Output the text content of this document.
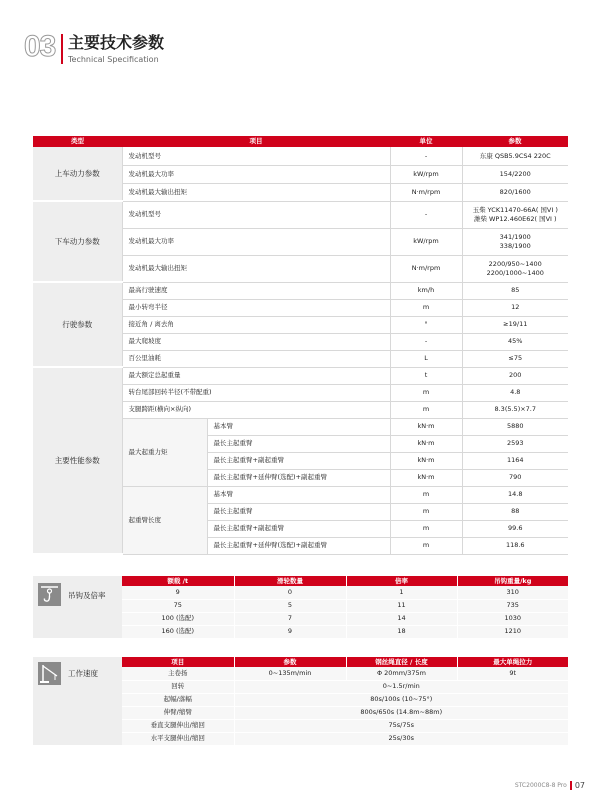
03 主要技术参数
Technical Specification
类型	项目		单位	参数
上车动力参数	发动机型号		-	东康 QSB5.9CS4 220C
	发动机最大功率		kW/rpm	154/2200
	发动机最大输出扭矩		N·m/rpm	820/1600
下车动力参数	发动机型号		-	玉柴 YCK11470-66A( 国VI )
潍柴 WP12.460E62( 国VI )

	发动机最大功率		kW/rpm	341/1900
338/1900

	发动机最大输出扭矩		N·m/rpm	2200/950~1400
2200/1000~1400

行驶参数	最高行驶速度		km/h	85
	最小转弯半径		m	12
	接近角 / 离去角		°	≥19/11
	最大爬坡度		-	45%
	百公里油耗		L	≤75
主要性能参数	最大额定总起重量		t	200
	转台尾部回转半径(不带配重)		m	4.8
	支腿跨距(横向×纵向)		m	8.3(5.5)×7.7
	最大起重力矩	基本臂	kN·m	5880
		最长主起重臂	kN·m	2593
		最长主起重臂+副起重臂	kN·m	1164
		最长主起重臂+延伸臂(选配)+副起重臂	kN·m	790
	起重臂长度	基本臂	m	14.8
		最长主起重臂	m	88
		最长主起重臂+副起重臂	m	99.6
		最长主起重臂+延伸臂(选配)+副起重臂	m	118.6
吊钩及倍率
额载 /t	滑轮数量	倍率	吊钩重量/kg
9	0	1	310
75	5	11	735
100 (选配)	7	14	1030
160 (选配)	9	18	1210
工作速度
项目	参数	钢丝绳直径 / 长度	最大单绳拉力
主卷扬	0~135m/min	Φ 20mm/375m	9t
回转	0~1.5r/min		
起幅/落幅	80s/100s (10~75°)		
伸臂/缩臂	800s/650s (14.8m~88m)		
垂直支腿伸出/缩回	75s/75s		
水平支腿伸出/缩回	25s/30s		
STC2000C8-8 Pro 07
